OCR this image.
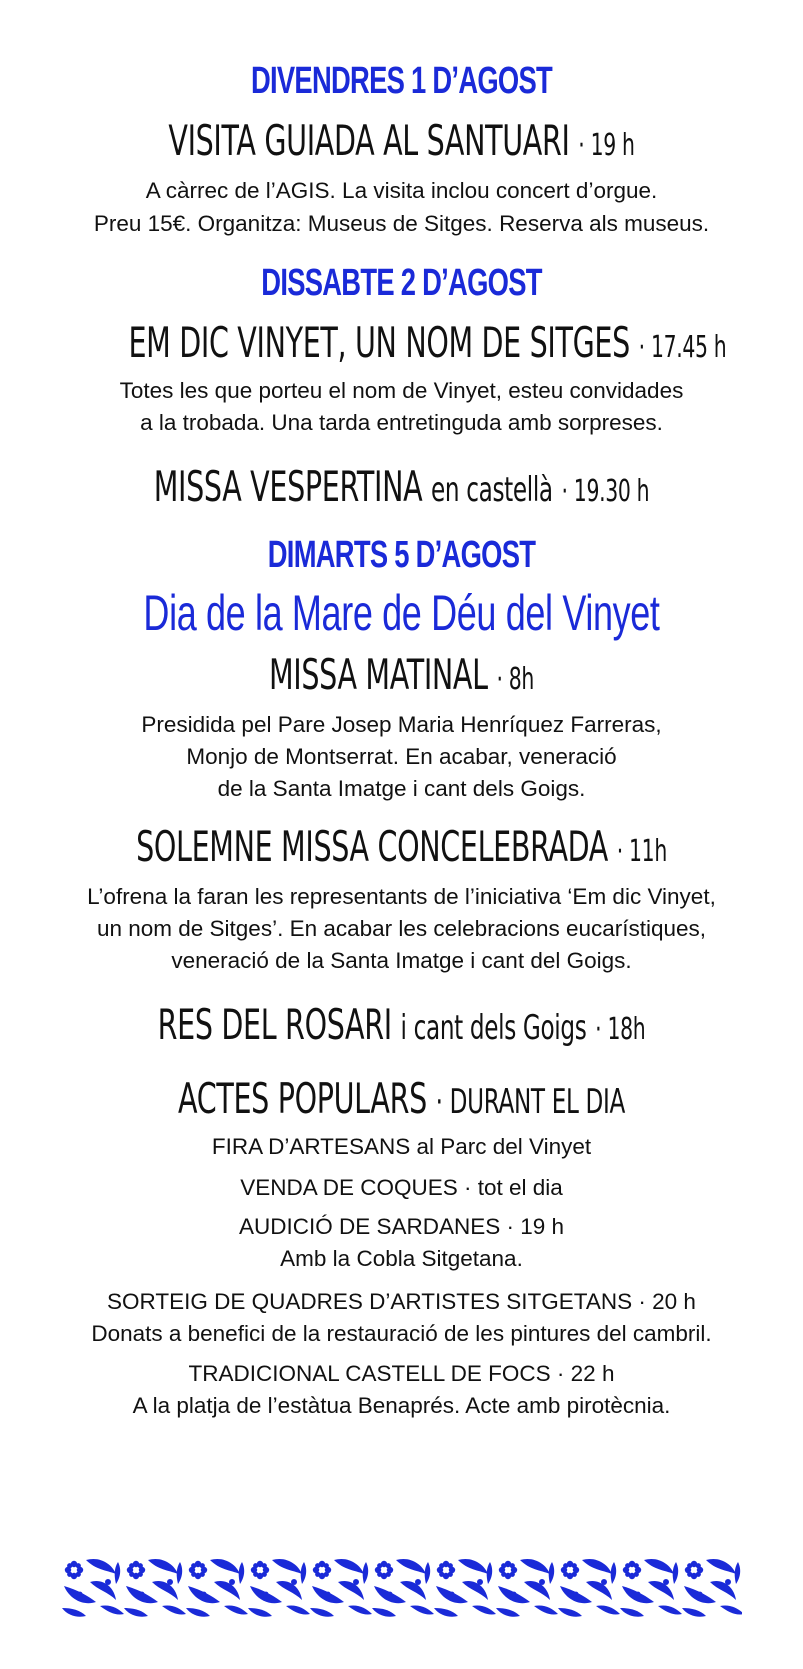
DIVENDRES 1 D’AGOST
VISITA GUIADA AL SANTUARI · 19 h
A càrrec de l’AGIS. La visita inclou concert d’orgue.
Preu 15€. Organitza: Museus de Sitges. Reserva als museus.
DISSABTE 2 D’AGOST
EM DIC VINYET, UN NOM DE SITGES · 17.45 h
Totes les que porteu el nom de Vinyet, esteu convidades
a la trobada. Una tarda entretinguda amb sorpreses.
MISSA VESPERTINA en castellà · 19.30 h
DIMARTS 5 D’AGOST
Dia de la Mare de Déu del Vinyet
MISSA MATINAL · 8h
Presidida pel Pare Josep Maria Henríquez Farreras,
Monjo de Montserrat. En acabar, veneració
de la Santa Imatge i cant dels Goigs.
SOLEMNE MISSA CONCELEBRADA · 11h
L’ofrena la faran les representants de l’iniciativa ‘Em dic Vinyet,
un nom de Sitges’. En acabar les celebracions eucarístiques,
veneració de la Santa Imatge i cant del Goigs.
RES DEL ROSARI i cant dels Goigs · 18h
ACTES POPULARS · DURANT EL DIA
FIRA D’ARTESANS al Parc del Vinyet
VENDA DE COQUES · tot el dia
AUDICIÓ DE SARDANES · 19 h
Amb la Cobla Sitgetana.
SORTEIG DE QUADRES D’ARTISTES SITGETANS · 20 h
Donats a benefici de la restauració de les pintures del cambril.
TRADICIONAL CASTELL DE FOCS · 22 h
A la platja de l’estàtua Benaprés. Acte amb pirotècnia.
